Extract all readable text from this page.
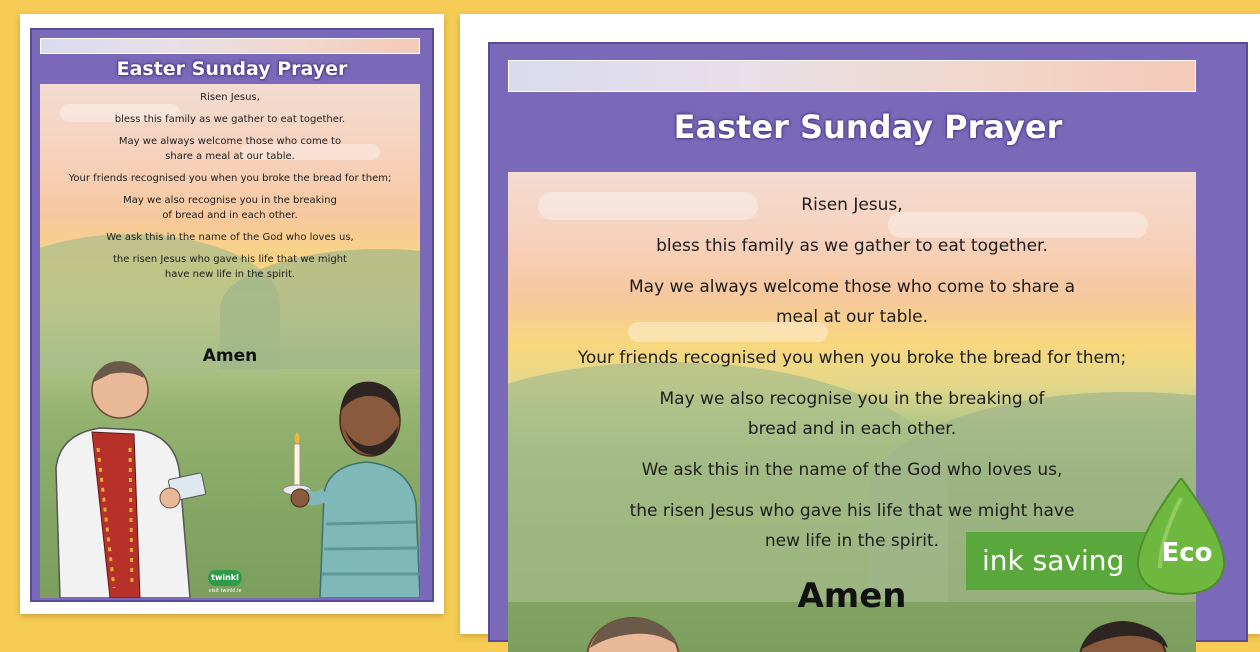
Easter Sunday Prayer

Risen Jesus,

bless this family as we gather to eat together.

May we always welcome those who come to share a meal at our table.

Your friends recognised you when you broke the bread for them;

May we also recognise you in the breaking of bread and in each other.

We ask this in the name of the God who loves us,

the risen Jesus who gave his life that we might have new life in the spirit.

Amen
twinkl
visit twinkl.ie
Easter Sunday Prayer

Risen Jesus,

bless this family as we gather to eat together.

May we always welcome those who come to share a
meal at our table.

Your friends recognised you when you broke the bread for them;

May we also recognise you in the breaking of
bread and in each other.

We ask this in the name of the God who loves us,

the risen Jesus who gave his life that we might have
new life in the spirit.

Amen
ink saving	Eco
